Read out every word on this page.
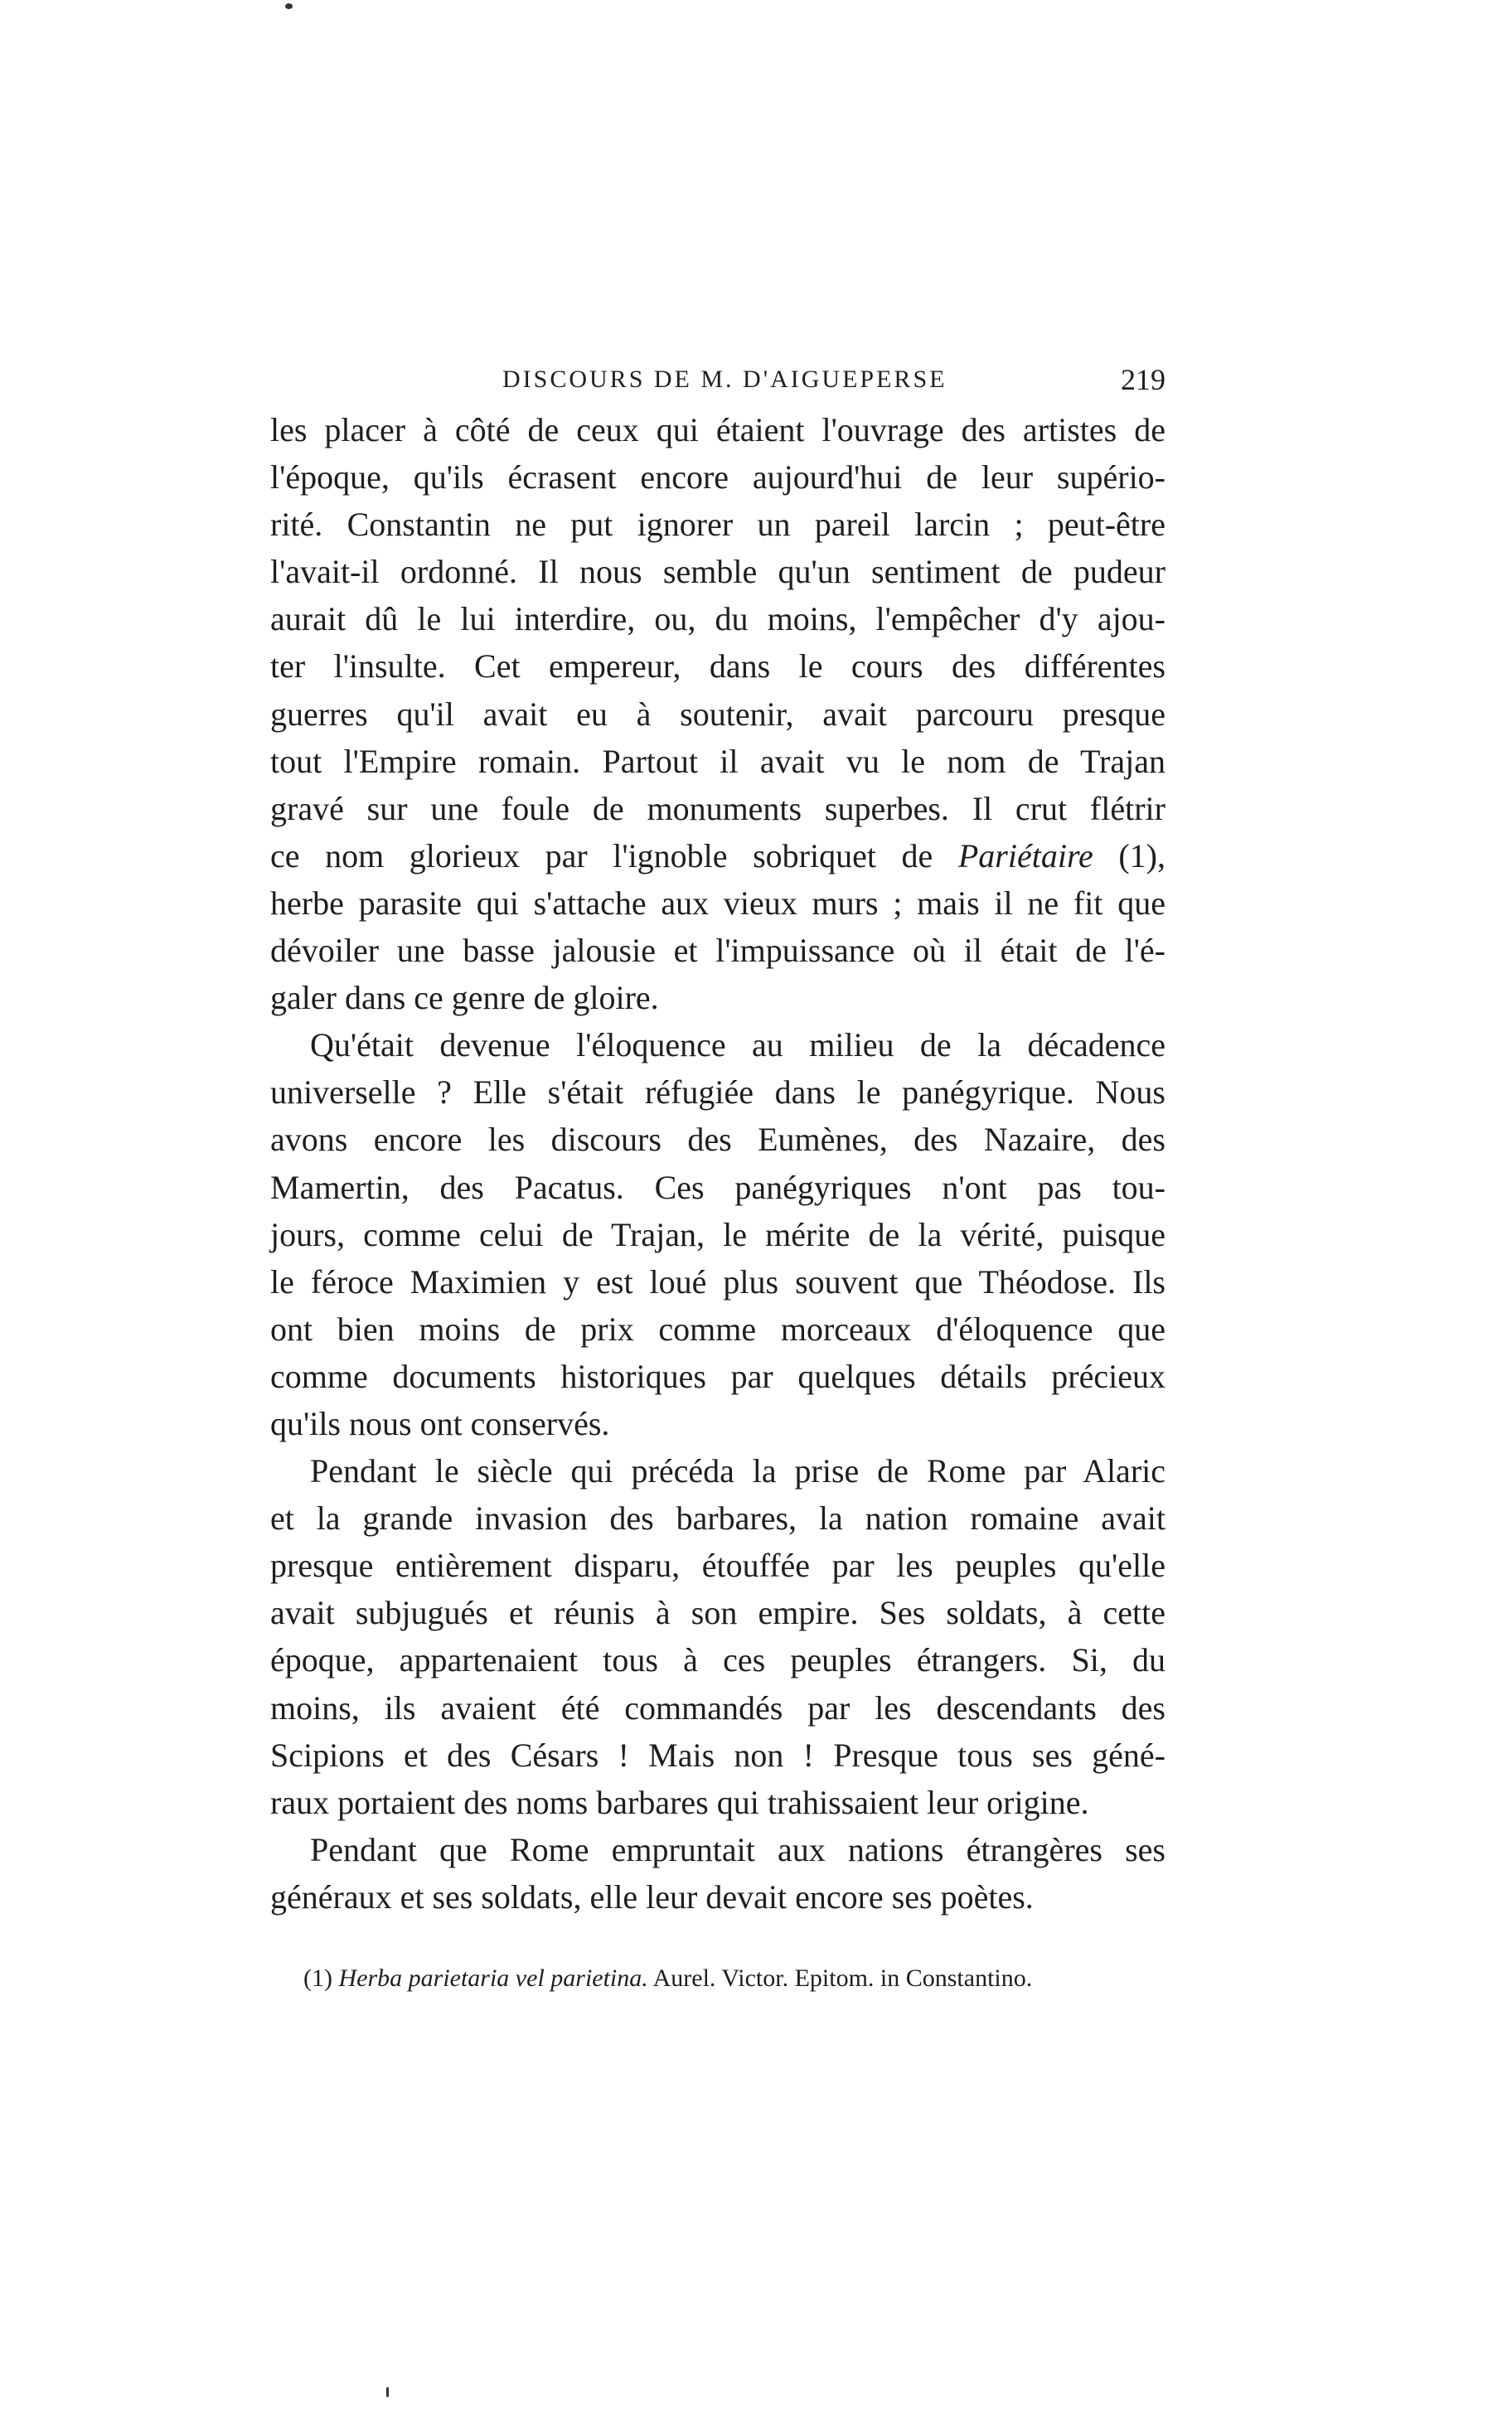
DISCOURS DE M. D'AIGUEPERSE	219
les placer à côté de ceux qui étaient l'ouvrage des artistes de
l'époque, qu'ils écrasent encore aujourd'hui de leur supério-
rité. Constantin ne put ignorer un pareil larcin ; peut-être
l'avait-il ordonné. Il nous semble qu'un sentiment de pudeur
aurait dû le lui interdire, ou, du moins, l'empêcher d'y ajou-
ter l'insulte. Cet empereur, dans le cours des différentes
guerres qu'il avait eu à soutenir, avait parcouru presque
tout l'Empire romain. Partout il avait vu le nom de Trajan
gravé sur une foule de monuments superbes. Il crut flétrir
ce nom glorieux par l'ignoble sobriquet de Pariétaire (1),
herbe parasite qui s'attache aux vieux murs ; mais il ne fit que
dévoiler une basse jalousie et l'impuissance où il était de l'é-
galer dans ce genre de gloire.
Qu'était devenue l'éloquence au milieu de la décadence
universelle ? Elle s'était réfugiée dans le panégyrique. Nous
avons encore les discours des Eumènes, des Nazaire, des
Mamertin, des Pacatus. Ces panégyriques n'ont pas tou-
jours, comme celui de Trajan, le mérite de la vérité, puisque
le féroce Maximien y est loué plus souvent que Théodose. Ils
ont bien moins de prix comme morceaux d'éloquence que
comme documents historiques par quelques détails précieux
qu'ils nous ont conservés.
Pendant le siècle qui précéda la prise de Rome par Alaric
et la grande invasion des barbares, la nation romaine avait
presque entièrement disparu, étouffée par les peuples qu'elle
avait subjugués et réunis à son empire. Ses soldats, à cette
époque, appartenaient tous à ces peuples étrangers. Si, du
moins, ils avaient été commandés par les descendants des
Scipions et des Césars ! Mais non ! Presque tous ses géné-
raux portaient des noms barbares qui trahissaient leur origine.
Pendant que Rome empruntait aux nations étrangères ses
généraux et ses soldats, elle leur devait encore ses poètes.
(1) Herba parietaria vel parietina. Aurel. Victor. Epitom. in Constantino.
